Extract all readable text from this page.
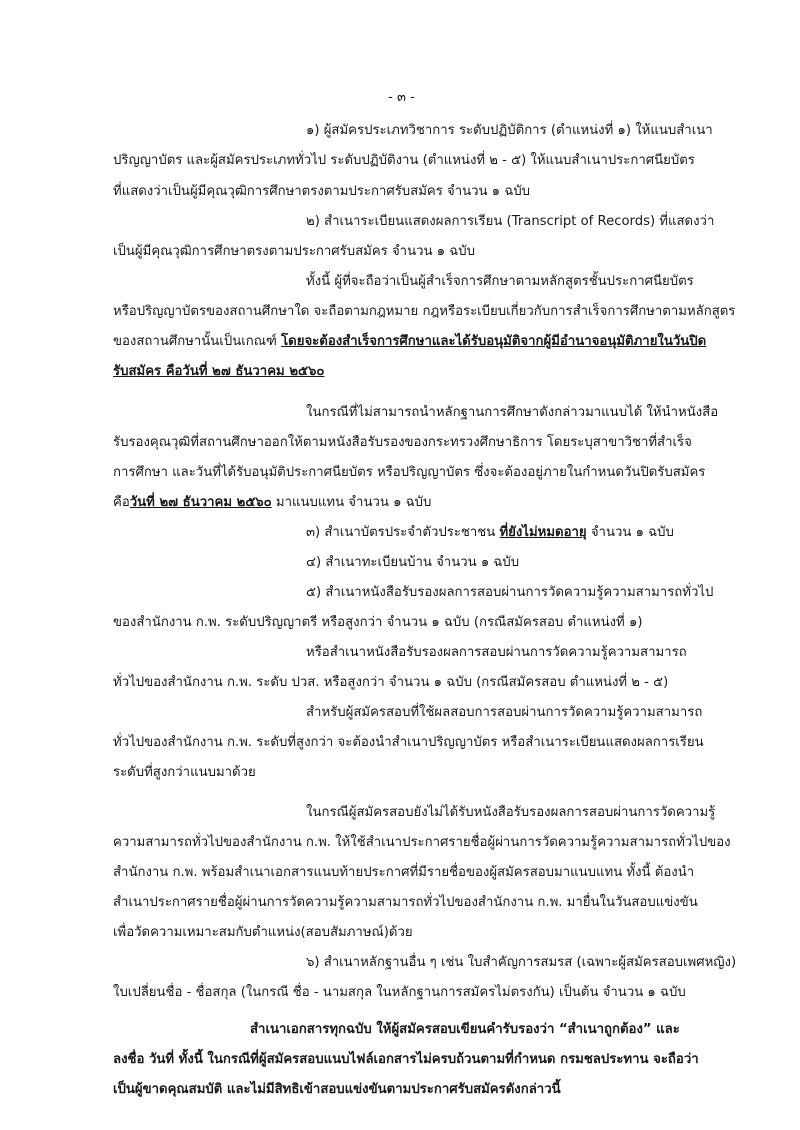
- ๓ -
๑) ผู้สมัครประเภทวิชาการ ระดับปฏิบัติการ (ตำแหน่งที่ ๑) ให้แนบสำเนา
ปริญญาบัตร และผู้สมัครประเภททั่วไป ระดับปฏิบัติงาน (ตำแหน่งที่ ๒ - ๕) ให้แนบสำเนาประกาศนียบัตร
ที่แสดงว่าเป็นผู้มีคุณวุฒิการศึกษาตรงตามประกาศรับสมัคร จำนวน ๑ ฉบับ
๒) สำเนาระเบียนแสดงผลการเรียน (Transcript of Records) ที่แสดงว่า
เป็นผู้มีคุณวุฒิการศึกษาตรงตามประกาศรับสมัคร จำนวน ๑ ฉบับ
ทั้งนี้ ผู้ที่จะถือว่าเป็นผู้สำเร็จการศึกษาตามหลักสูตรชั้นประกาศนียบัตร
หรือปริญญาบัตรของสถานศึกษาใด จะถือตามกฎหมาย กฎหรือระเบียบเกี่ยวกับการสำเร็จการศึกษาตามหลักสูตร
ของสถานศึกษานั้นเป็นเกณฑ์ โดยจะต้องสำเร็จการศึกษาและได้รับอนุมัติจากผู้มีอำนาจอนุมัติภายในวันปิด
รับสมัคร คือวันที่ ๒๗ ธันวาคม ๒๕๖๐
ในกรณีที่ไม่สามารถนำหลักฐานการศึกษาดังกล่าวมาแนบได้ ให้นำหนังสือ
รับรองคุณวุฒิที่สถานศึกษาออกให้ตามหนังสือรับรองของกระทรวงศึกษาธิการ โดยระบุสาขาวิชาที่สำเร็จ
การศึกษา และวันที่ได้รับอนุมัติประกาศนียบัตร หรือปริญญาบัตร ซึ่งจะต้องอยู่ภายในกำหนดวันปิดรับสมัคร
คือวันที่ ๒๗ ธันวาคม ๒๕๖๐ มาแนบแทน จำนวน ๑ ฉบับ
๓) สำเนาบัตรประจำตัวประชาชน ที่ยังไม่หมดอายุ จำนวน ๑ ฉบับ
๔) สำเนาทะเบียนบ้าน จำนวน ๑ ฉบับ
๕) สำเนาหนังสือรับรองผลการสอบผ่านการวัดความรู้ความสามารถทั่วไป
ของสำนักงาน ก.พ. ระดับปริญญาตรี หรือสูงกว่า จำนวน ๑ ฉบับ (กรณีสมัครสอบ ตำแหน่งที่ ๑)
หรือสำเนาหนังสือรับรองผลการสอบผ่านการวัดความรู้ความสามารถ
ทั่วไปของสำนักงาน ก.พ. ระดับ ปวส. หรือสูงกว่า จำนวน ๑ ฉบับ (กรณีสมัครสอบ ตำแหน่งที่ ๒ - ๕)
สำหรับผู้สมัครสอบที่ใช้ผลสอบการสอบผ่านการวัดความรู้ความสามารถ
ทั่วไปของสำนักงาน ก.พ. ระดับที่สูงกว่า จะต้องนำสำเนาปริญญาบัตร หรือสำเนาระเบียนแสดงผลการเรียน
ระดับที่สูงกว่าแนบมาด้วย
ในกรณีผู้สมัครสอบยังไม่ได้รับหนังสือรับรองผลการสอบผ่านการวัดความรู้
ความสามารถทั่วไปของสำนักงาน ก.พ. ให้ใช้สำเนาประกาศรายชื่อผู้ผ่านการวัดความรู้ความสามารถทั่วไปของ
สำนักงาน ก.พ. พร้อมสำเนาเอกสารแนบท้ายประกาศที่มีรายชื่อของผู้สมัครสอบมาแนบแทน ทั้งนี้ ต้องนำ
สำเนาประกาศรายชื่อผู้ผ่านการวัดความรู้ความสามารถทั่วไปของสำนักงาน ก.พ. มายื่นในวันสอบแข่งขัน
เพื่อวัดความเหมาะสมกับตำแหน่ง(สอบสัมภาษณ์)ด้วย
๖) สำเนาหลักฐานอื่น ๆ เช่น ใบสำคัญการสมรส (เฉพาะผู้สมัครสอบเพศหญิง)
ใบเปลี่ยนชื่อ - ชื่อสกุล (ในกรณี ชื่อ - นามสกุล ในหลักฐานการสมัครไม่ตรงกัน) เป็นต้น จำนวน ๑ ฉบับ
สำเนาเอกสารทุกฉบับ ให้ผู้สมัครสอบเขียนคำรับรองว่า “สำเนาถูกต้อง” และ
ลงชื่อ วันที่ ทั้งนี้ ในกรณีที่ผู้สมัครสอบแนบไฟล์เอกสารไม่ครบถ้วนตามที่กำหนด กรมชลประทาน จะถือว่า
เป็นผู้ขาดคุณสมบัติ และไม่มีสิทธิเข้าสอบแข่งขันตามประกาศรับสมัครดังกล่าวนี้
